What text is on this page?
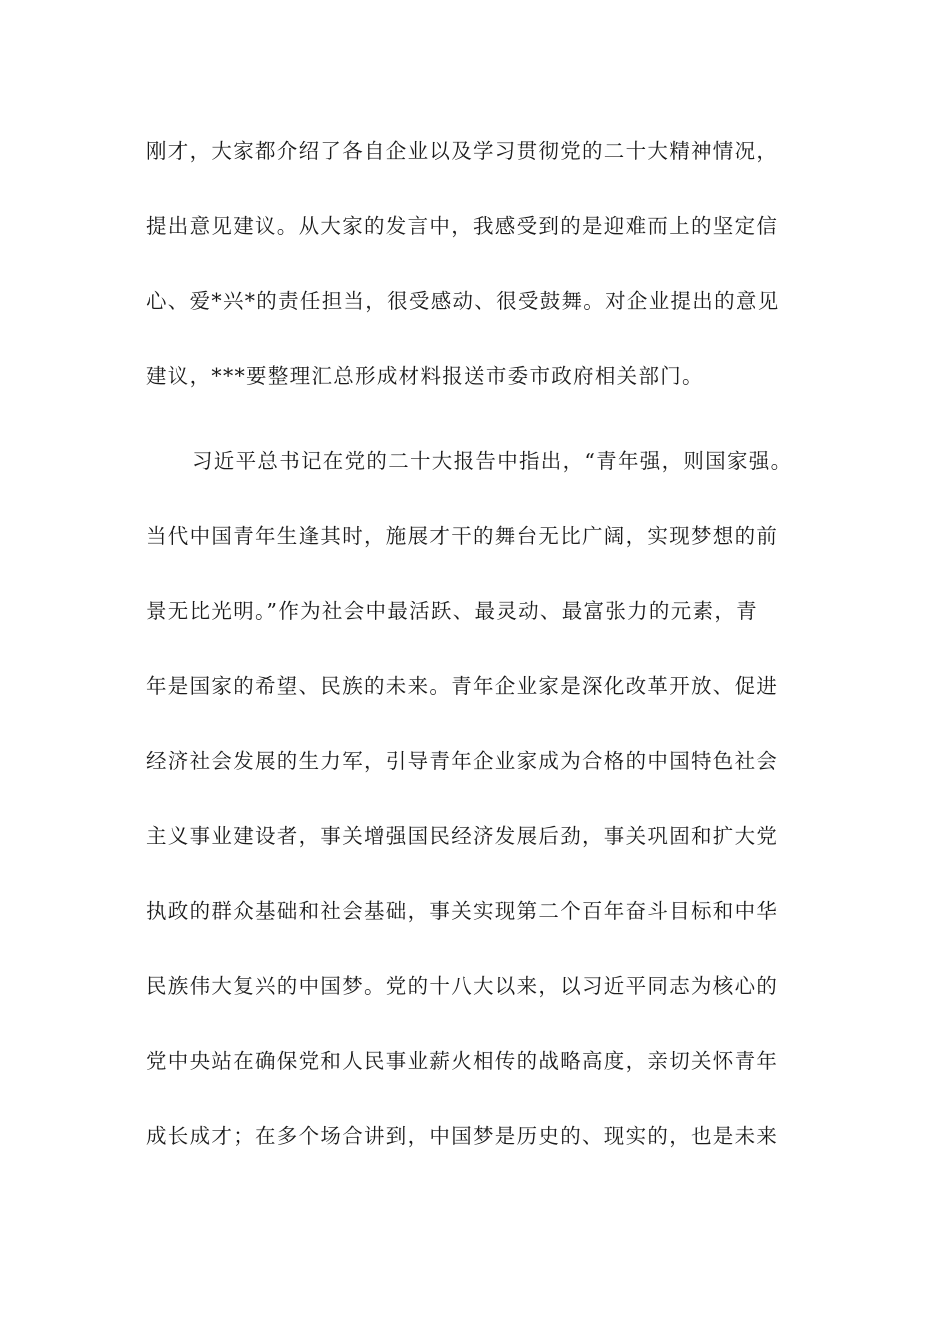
刚才，大家都介绍了各自企业以及学习贯彻党的二十大精神情况，
提出意见建议。从大家的发言中，我感受到的是迎难而上的坚定信
心、爱*兴*的责任担当，很受感动、很受鼓舞。对企业提出的意见
建议，***要整理汇总形成材料报送市委市政府相关部门。
习近平总书记在党的二十大报告中指出，“青年强，则国家强。
当代中国青年生逢其时，施展才干的舞台无比广阔，实现梦想的前
景无比光明。”作为社会中最活跃、最灵动、最富张力的元素，青
年是国家的希望、民族的未来。青年企业家是深化改革开放、促进
经济社会发展的生力军，引导青年企业家成为合格的中国特色社会
主义事业建设者，事关增强国民经济发展后劲，事关巩固和扩大党
执政的群众基础和社会基础，事关实现第二个百年奋斗目标和中华
民族伟大复兴的中国梦。党的十八大以来，以习近平同志为核心的
党中央站在确保党和人民事业薪火相传的战略高度，亲切关怀青年
成长成才；在多个场合讲到，中国梦是历史的、现实的，也是未来
